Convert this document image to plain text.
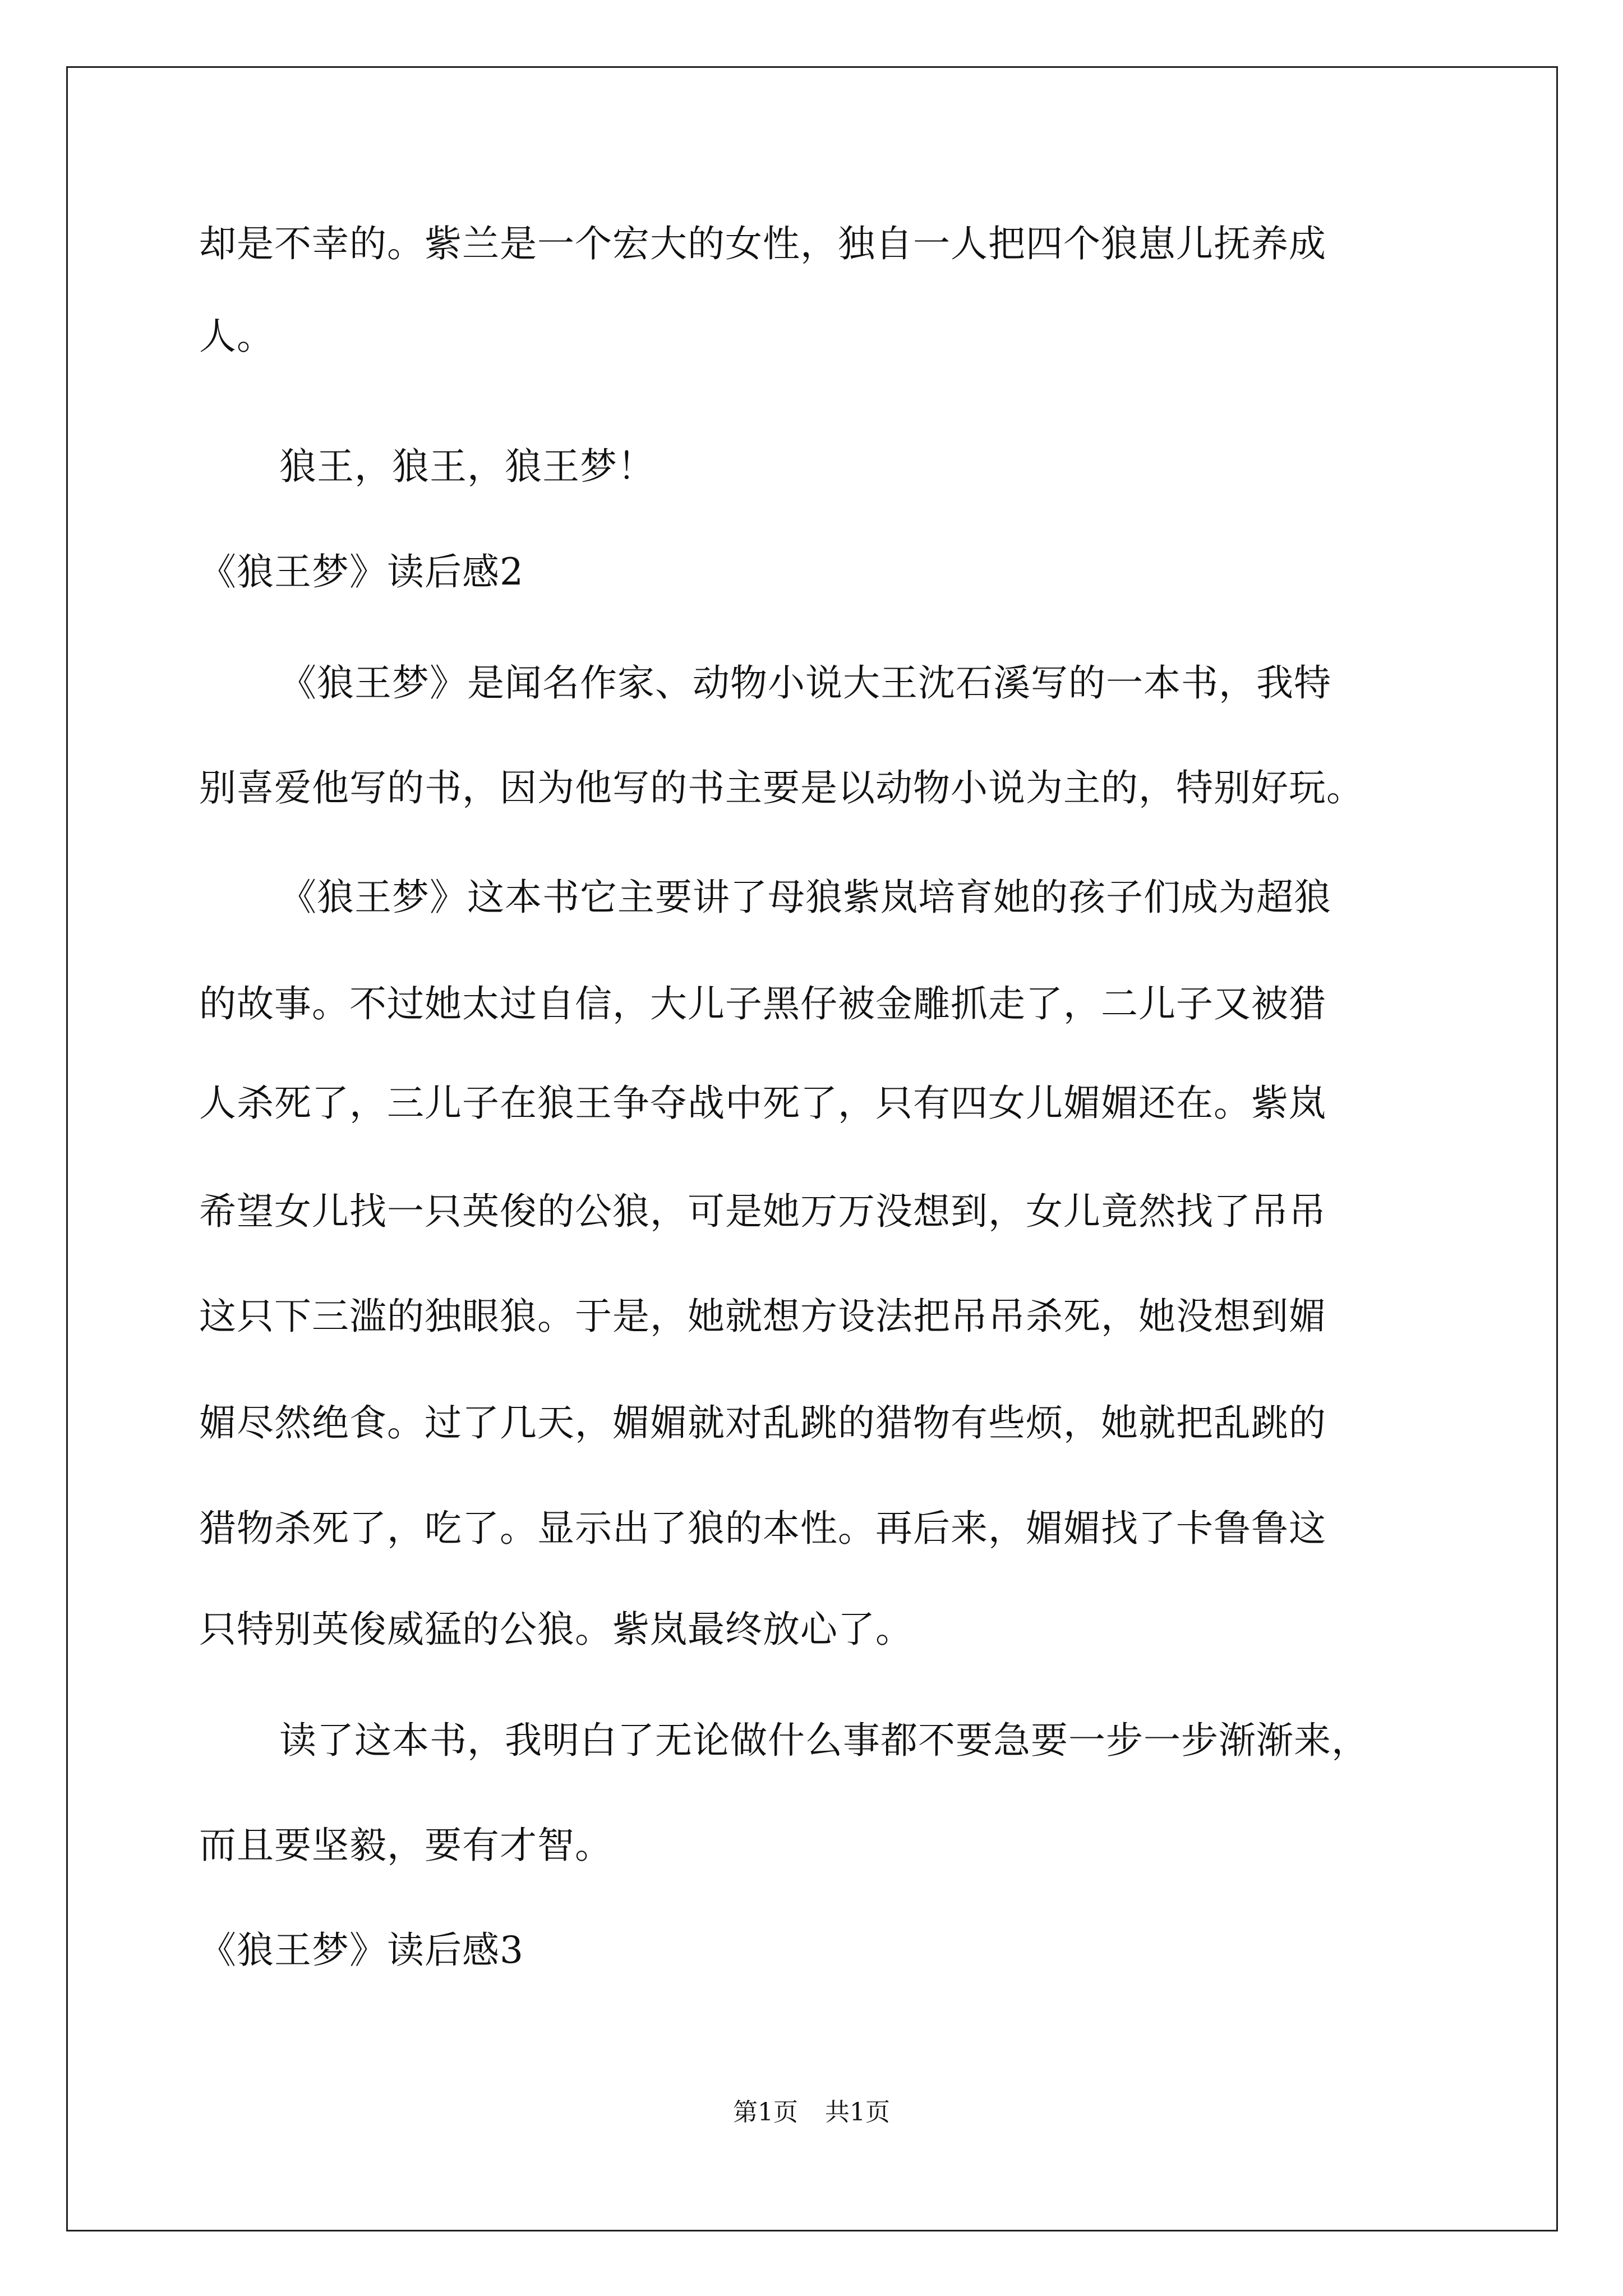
却是不幸的。紫兰是一个宏大的女性，独自一人把四个狼崽儿抚养成
人。
狼王，狼王，狼王梦！
《狼王梦》读后感2
《狼王梦》是闻名作家、动物小说大王沈石溪写的一本书，我特
别喜爱他写的书，因为他写的书主要是以动物小说为主的，特别好玩。
《狼王梦》这本书它主要讲了母狼紫岚培育她的孩子们成为超狼
的故事。不过她太过自信，大儿子黑仔被金雕抓走了，二儿子又被猎
人杀死了，三儿子在狼王争夺战中死了，只有四女儿媚媚还在。紫岚
希望女儿找一只英俊的公狼，可是她万万没想到，女儿竟然找了吊吊
这只下三滥的独眼狼。于是，她就想方设法把吊吊杀死，她没想到媚
媚尽然绝食。过了几天，媚媚就对乱跳的猎物有些烦，她就把乱跳的
猎物杀死了，吃了。显示出了狼的本性。再后来，媚媚找了卡鲁鲁这
只特别英俊威猛的公狼。紫岚最终放心了。
读了这本书，我明白了无论做什么事都不要急要一步一步渐渐来，
而且要坚毅，要有才智。
《狼王梦》读后感3
第1页 共1页
